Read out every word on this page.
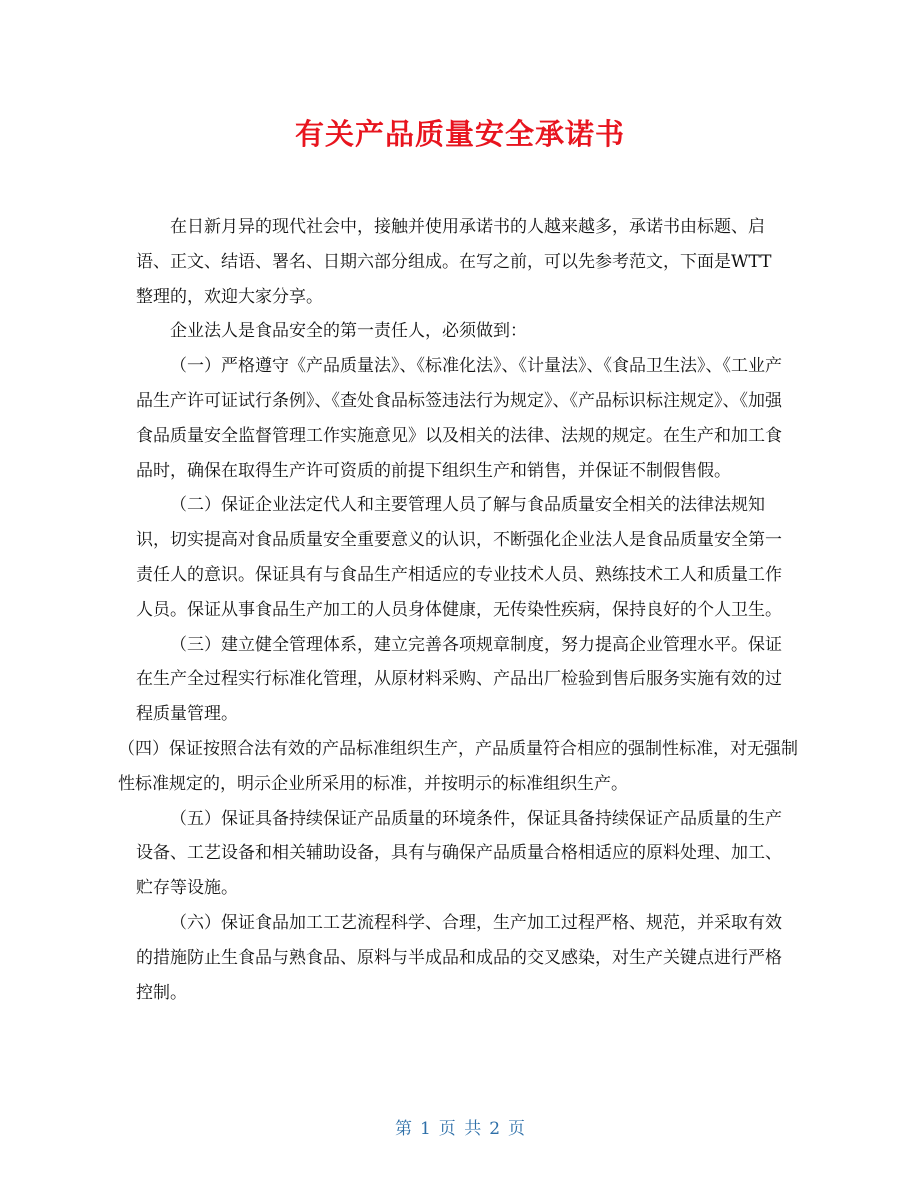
有关产品质量安全承诺书

在日新月异的现代社会中，接触并使用承诺书的人越来越多，承诺书由标题、启语、正文、结语、署名、日期六部分组成。在写之前，可以先参考范文，下面是WTT整理的，欢迎大家分享。

企业法人是食品安全的第一责任人，必须做到：

（一）严格遵守《产品质量法》、《标准化法》、《计量法》、《食品卫生法》、《工业产品生产许可证试行条例》、《查处食品标签违法行为规定》、《产品标识标注规定》、《加强食品质量安全监督管理工作实施意见》以及相关的法律、法规的规定。在生产和加工食品时，确保在取得生产许可资质的前提下组织生产和销售，并保证不制假售假。

（二）保证企业法定代人和主要管理人员了解与食品质量安全相关的法律法规知识，切实提高对食品质量安全重要意义的认识，不断强化企业法人是食品质量安全第一责任人的意识。保证具有与食品生产相适应的专业技术人员、熟练技术工人和质量工作人员。保证从事食品生产加工的人员身体健康，无传染性疾病，保持良好的个人卫生。

（三）建立健全管理体系，建立完善各项规章制度，努力提高企业管理水平。保证在生产全过程实行标准化管理，从原材料采购、产品出厂检验到售后服务实施有效的过程质量管理。

（四）保证按照合法有效的产品标准组织生产，产品质量符合相应的强制性标准，对无强制性标准规定的，明示企业所采用的标准，并按明示的标准组织生产。

（五）保证具备持续保证产品质量的环境条件，保证具备持续保证产品质量的生产设备、工艺设备和相关辅助设备，具有与确保产品质量合格相适应的原料处理、加工、贮存等设施。

（六）保证食品加工工艺流程科学、合理，生产加工过程严格、规范，并采取有效的措施防止生食品与熟食品、原料与半成品和成品的交叉感染，对生产关键点进行严格控制。

第 1 页 共 2 页
